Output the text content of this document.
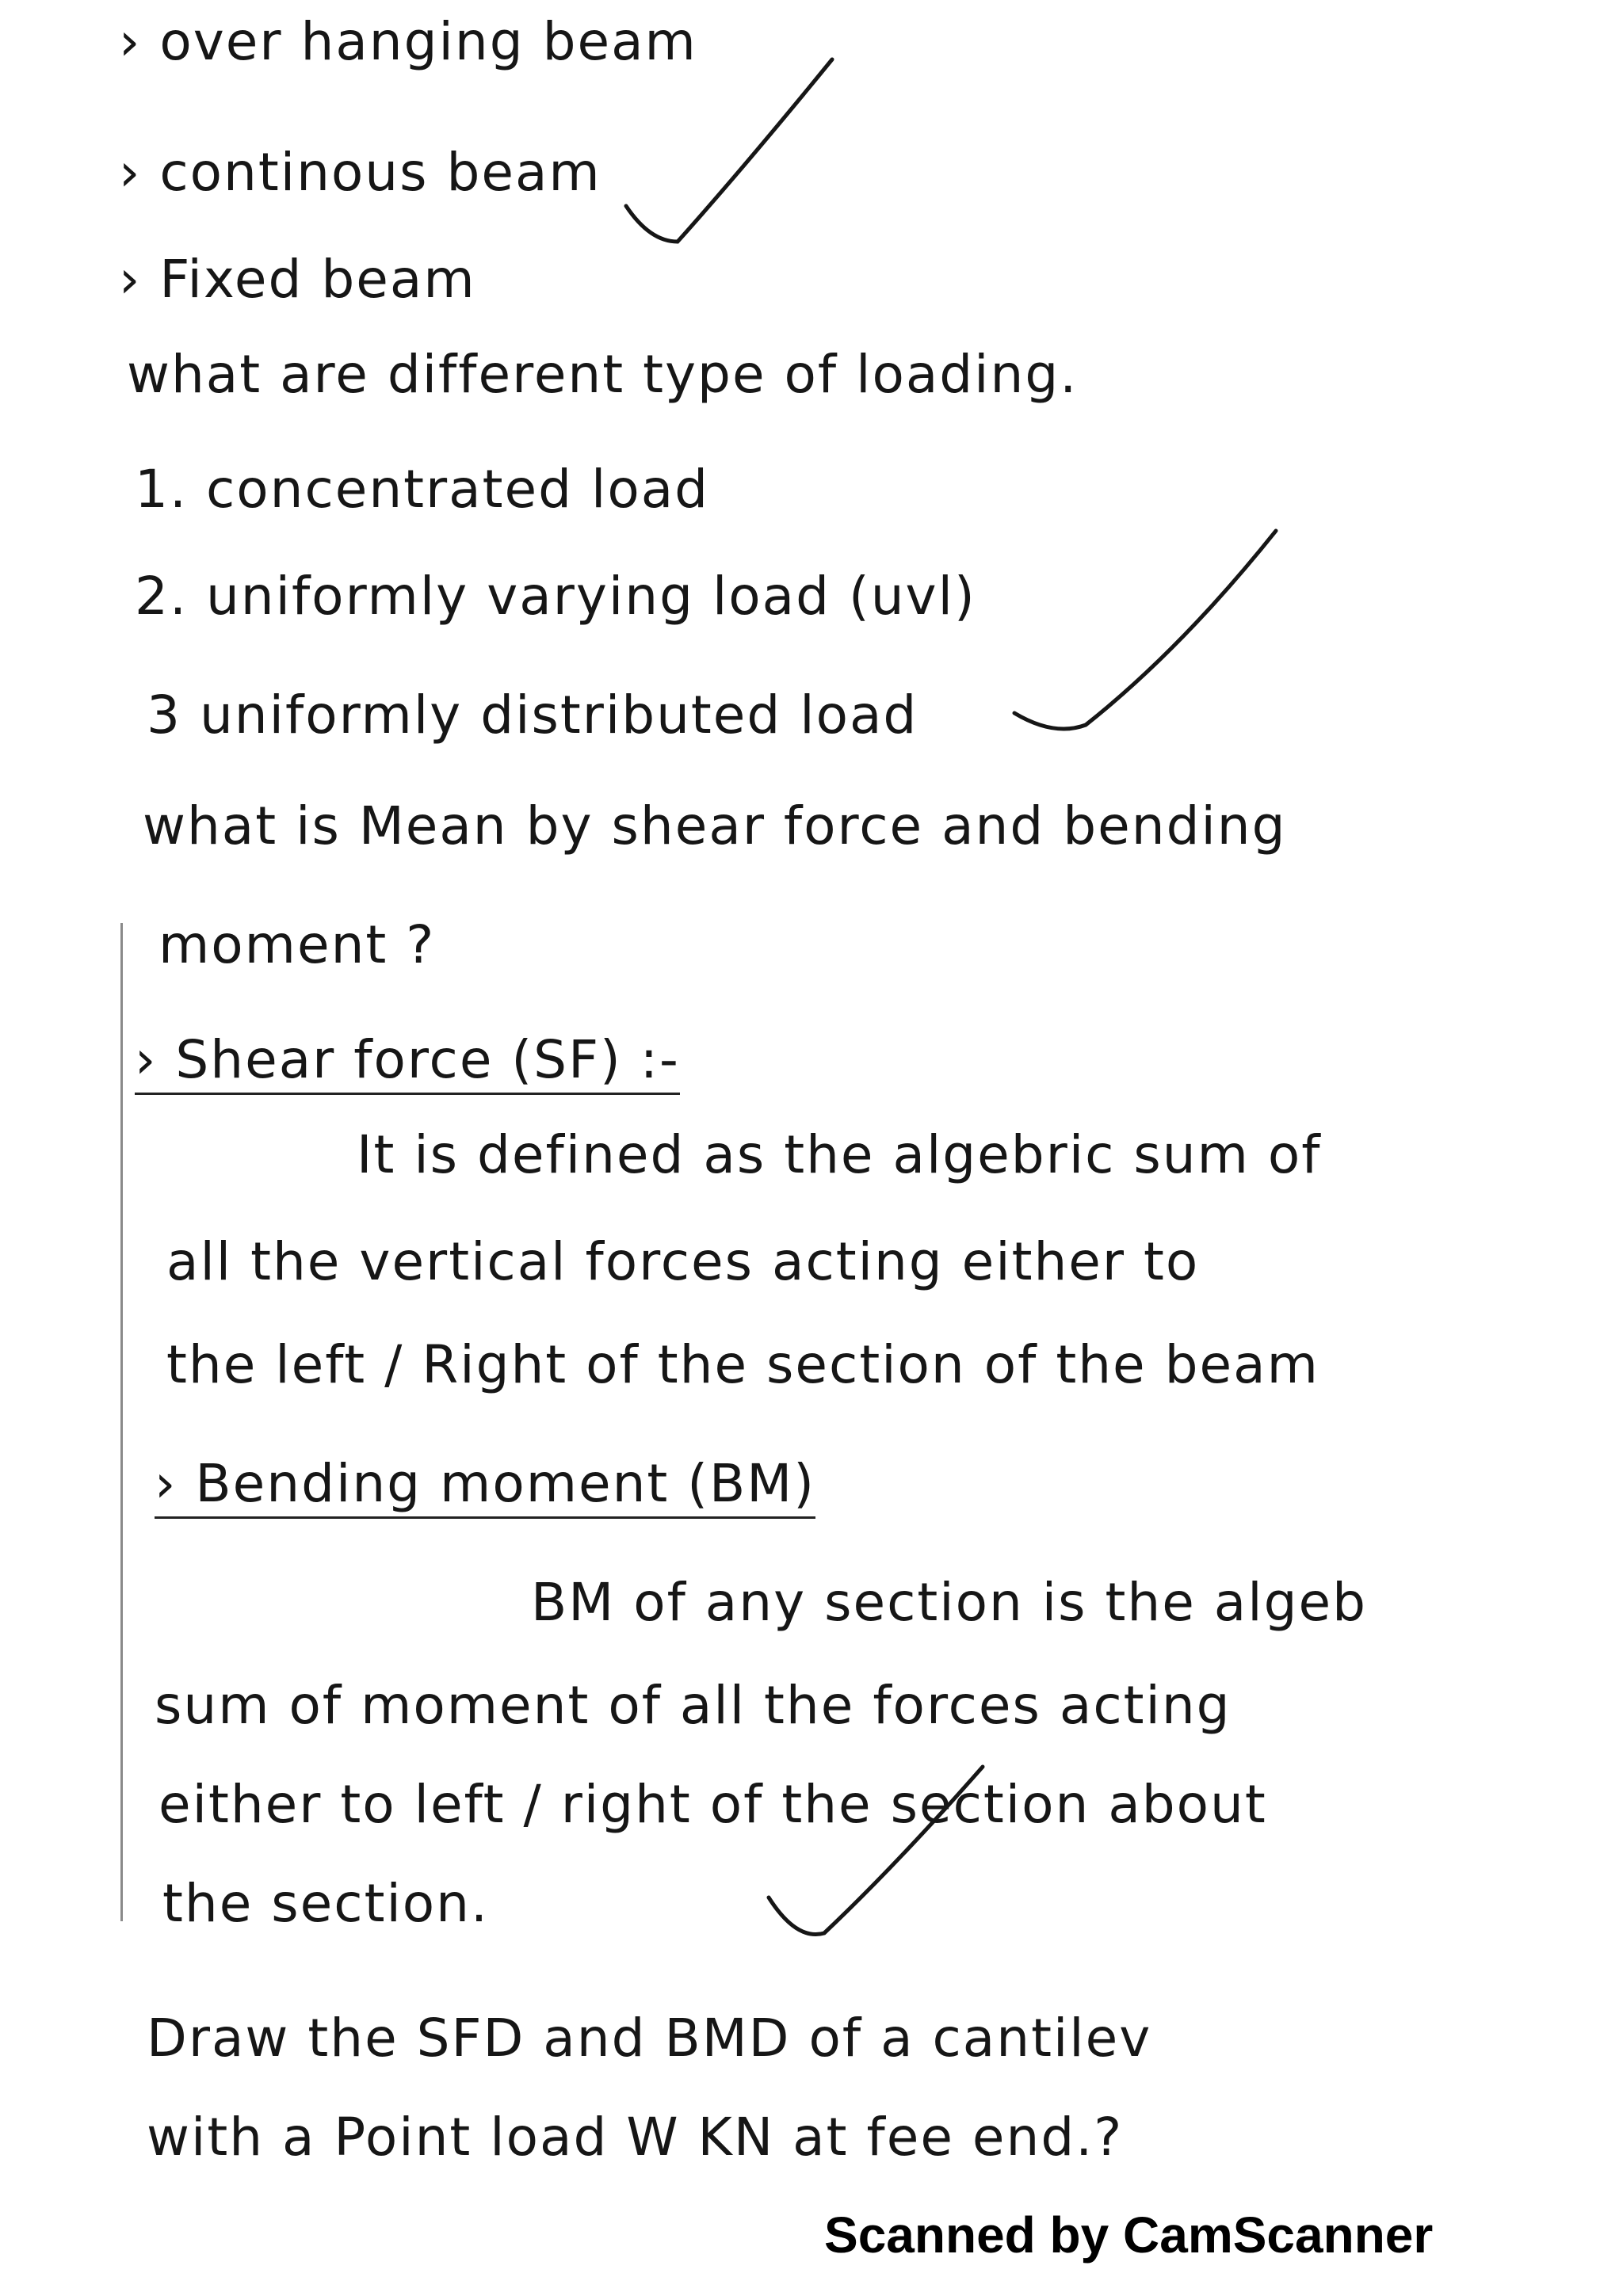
› over hanging beam
› continous beam
› Fixed beam
what are different type of loading.
1. concentrated load
2. uniformly varying load (uvl)
3 uniformly distributed load
what is Mean by shear force and bending
moment ?
› Shear force (SF) :-
It is defined as the algebric sum of
all the vertical forces acting either to
the left / Right of the section of the beam
› Bending moment (BM)
BM of any section is the algeb
sum of moment of all the forces acting
either to left / right of the section about
the section.
Draw the SFD and BMD of a cantilev
with a Point load W KN at fee end.?
Scanned by CamScanner
